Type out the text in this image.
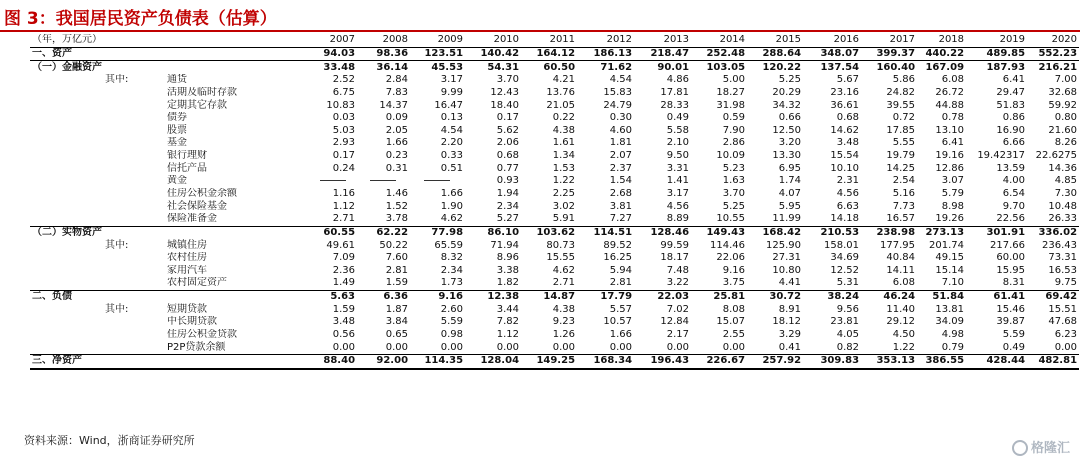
图 3：我国居民资产负债表（估算）
（年，万亿元）			2007	2008	2009	2010	2011	2012	2013	2014	2015	2016	2017	2018	2019	2020
一、资产			94.03	98.36	123.51	140.42	164.12	186.13	218.47	252.48	288.64	348.07	399.37	440.22	489.85	552.23
（一）金融资产			33.48	36.14	45.53	54.31	60.50	71.62	90.01	103.05	120.22	137.54	160.40	167.09	187.93	216.21
	其中:	通货	2.52	2.84	3.17	3.70	4.21	4.54	4.86	5.00	5.25	5.67	5.86	6.08	6.41	7.00
		活期及临时存款	6.75	7.83	9.99	12.43	13.76	15.83	17.81	18.27	20.29	23.16	24.82	26.72	29.47	32.68
		定期其它存款	10.83	14.37	16.47	18.40	21.05	24.79	28.33	31.98	34.32	36.61	39.55	44.88	51.83	59.92
		债券	0.03	0.09	0.13	0.17	0.22	0.30	0.49	0.59	0.66	0.68	0.72	0.78	0.86	0.80
		股票	5.03	2.05	4.54	5.62	4.38	4.60	5.58	7.90	12.50	14.62	17.85	13.10	16.90	21.60
		基金	2.93	1.66	2.20	2.06	1.61	1.81	2.10	2.86	3.20	3.48	5.55	6.41	6.66	8.26
		银行理财	0.17	0.23	0.33	0.68	1.34	2.07	9.50	10.09	13.30	15.54	19.79	19.16	19.42317	22.6275
		信托产品	0.24	0.31	0.51	0.77	1.53	2.37	3.31	5.23	6.95	10.10	14.25	12.86	13.59	14.36
		黄金				0.93	1.22	1.54	1.41	1.63	1.74	2.31	2.54	3.07	4.00	4.85
		住房公积金余额	1.16	1.46	1.66	1.94	2.25	2.68	3.17	3.70	4.07	4.56	5.16	5.79	6.54	7.30
		社会保险基金	1.12	1.52	1.90	2.34	3.02	3.81	4.56	5.25	5.95	6.63	7.73	8.98	9.70	10.48
		保险准备金	2.71	3.78	4.62	5.27	5.91	7.27	8.89	10.55	11.99	14.18	16.57	19.26	22.56	26.33
（二）实物资产			60.55	62.22	77.98	86.10	103.62	114.51	128.46	149.43	168.42	210.53	238.98	273.13	301.91	336.02
	其中:	城镇住房	49.61	50.22	65.59	71.94	80.73	89.52	99.59	114.46	125.90	158.01	177.95	201.74	217.66	236.43
		农村住房	7.09	7.60	8.32	8.96	15.55	16.25	18.17	22.06	27.31	34.69	40.84	49.15	60.00	73.31
		家用汽车	2.36	2.81	2.34	3.38	4.62	5.94	7.48	9.16	10.80	12.52	14.11	15.14	15.95	16.53
		农村固定资产	1.49	1.59	1.73	1.82	2.71	2.81	3.22	3.75	4.41	5.31	6.08	7.10	8.31	9.75
二、负债			5.63	6.36	9.16	12.38	14.87	17.79	22.03	25.81	30.72	38.24	46.24	51.84	61.41	69.42
	其中:	短期贷款	1.59	1.87	2.60	3.44	4.38	5.57	7.02	8.08	8.91	9.56	11.40	13.81	15.46	15.51
		中长期贷款	3.48	3.84	5.59	7.82	9.23	10.57	12.84	15.07	18.12	23.81	29.12	34.09	39.87	47.68
		住房公积金贷款	0.56	0.65	0.98	1.12	1.26	1.66	2.17	2.55	3.29	4.05	4.50	4.98	5.59	6.23
		P2P贷款余额	0.00	0.00	0.00	0.00	0.00	0.00	0.00	0.00	0.41	0.82	1.22	0.79	0.49	0.00
三、净资产			88.40	92.00	114.35	128.04	149.25	168.34	196.43	226.67	257.92	309.83	353.13	386.55	428.44	482.81
资料来源：Wind，浙商证券研究所	格隆汇
